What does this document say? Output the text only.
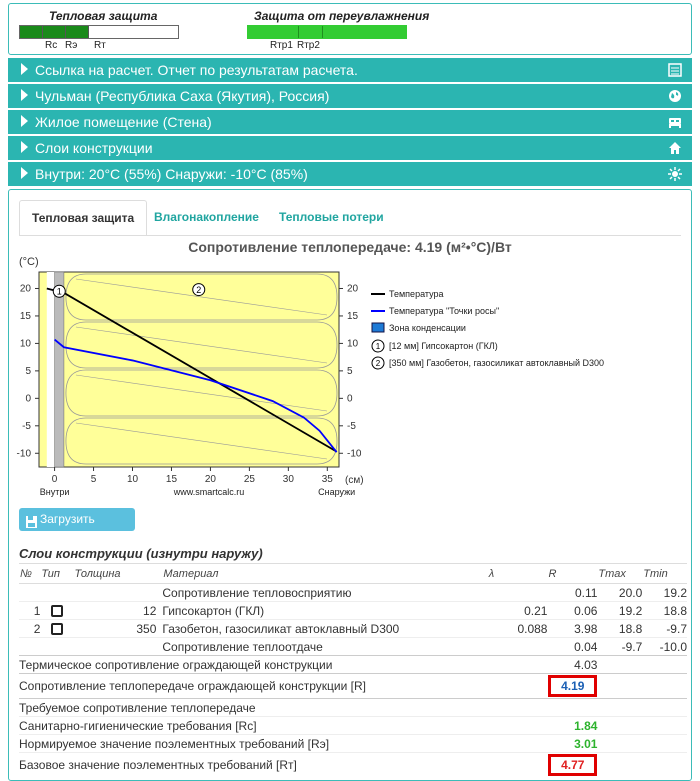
Тепловая защита
Rс Rэ Rт
Защита от переувлажнения
Rтр1 Rтр2
Ссылка на расчет. Отчет по результатам расчета.
Чульман (Республика Саха (Якутия), Россия)
Жилое помещение (Стена)
Слои конструкции
Внутри: 20°С (55%) Снаружи: -10°С (85%)
Тепловая защита	Влагонакопление	Тепловые потери
Сопротивление теплопередаче: 4.19 (м²•°С)/Вт
0	5	10	15	20	25	30	35
20	20
15	15
10	10
5	5
0	0
-5	-5
-10	-10
(°С)
(см)
Внутри	www.smartcalc.ru	Снаружи
1	2	Температура
Температура "Точки росы"
Зона конденсации
1 [12 мм] Гипсокартон (ГКЛ)
2 [350 мм] Газобетон, газосиликат автоклавный D300
Загрузить график
Слои конструкции (изнутри наружу)
№	Тип	Толщина	Материал	λ	R	Tmax	Tmin
			Сопротивление тепловосприятию		0.11	20.0	19.2
1		12	Гипсокартон (ГКЛ)	0.21	0.06	19.2	18.8
2		350	Газобетон, газосиликат автоклавный D300	0.088	3.98	18.8	-9.7
			Сопротивление теплоотдаче		0.04	-9.7	-10.0
Термическое сопротивление ограждающей конструкции					4.03		
Сопротивление теплопередаче ограждающей конструкции [R]					4.19		
Требуемое сопротивление теплопередаче							
Санитарно-гигиенические требования [Rс]					1.84		
Нормируемое значение поэлементных требований [Rэ]					3.01		
Базовое значение поэлементных требований [Rт]					4.77		
